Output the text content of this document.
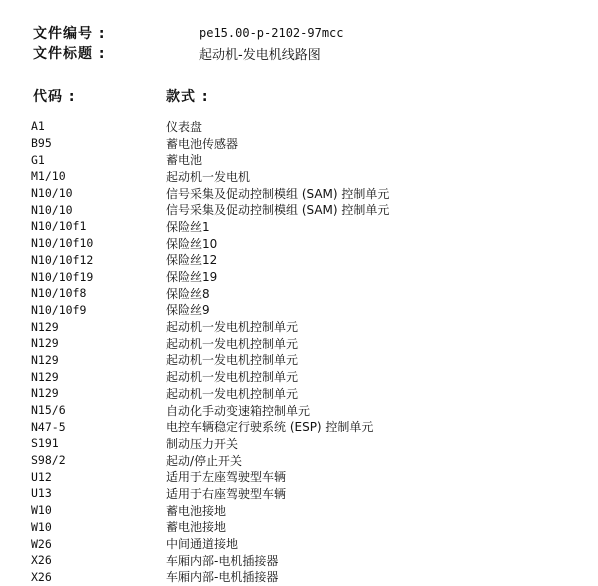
文件编号 :	pe15.00-p-2102-97mcc
文件标题 :	起动机-发电机线路图
代码 :	款式 :
A1	仪表盘
B95	蓄电池传感器
G1	蓄电池
M1/10	起动机一发电机
N10/10	信号采集及促动控制模组 (SAM) 控制单元
N10/10	信号采集及促动控制模组 (SAM) 控制单元
N10/10f1	保险丝1
N10/10f10	保险丝10
N10/10f12	保险丝12
N10/10f19	保险丝19
N10/10f8	保险丝8
N10/10f9	保险丝9
N129	起动机一发电机控制单元
N129	起动机一发电机控制单元
N129	起动机一发电机控制单元
N129	起动机一发电机控制单元
N129	起动机一发电机控制单元
N15/6	自动化手动变速箱控制单元
N47-5	电控车辆稳定行驶系统 (ESP) 控制单元
S191	制动压力开关
S98/2	起动/停止开关
U12	适用于左座驾驶型车辆
U13	适用于右座驾驶型车辆
W10	蓄电池接地
W10	蓄电池接地
W26	中间通道接地
X26	车厢内部-电机插接器
X26	车厢内部-电机插接器
